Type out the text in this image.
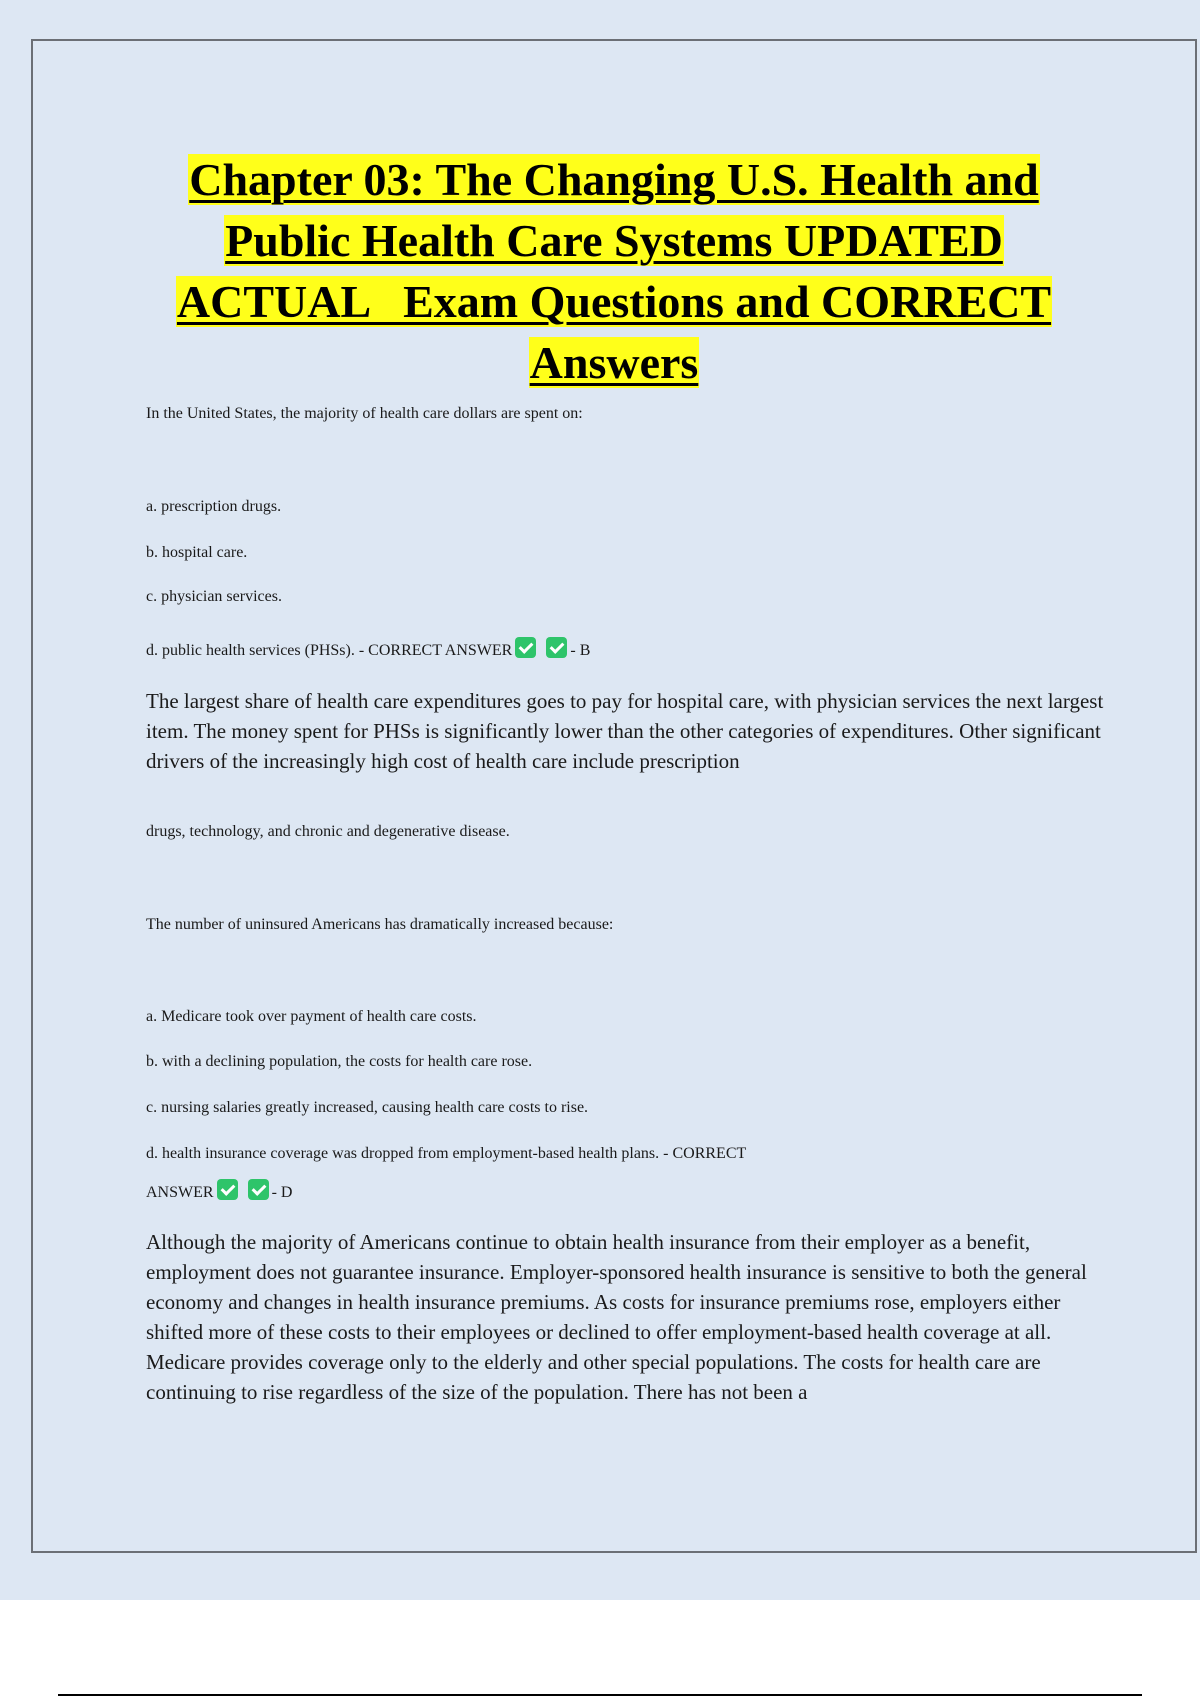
Chapter 03: The Changing U.S. Health and
Public Health Care Systems UPDATED
ACTUAL   Exam Questions and CORRECT
Answers

In the United States, the majority of health care dollars are spent on:

a. prescription drugs.

b. hospital care.

c. physician services.

d. public health services (PHSs). - CORRECT ANSWER	- B

The largest share of health care expenditures goes to pay for hospital care, with physician services the next largest item. The money spent for PHSs is significantly lower than the other categories of expenditures. Other significant drivers of the increasingly high cost of health care include prescription

drugs, technology, and chronic and degenerative disease.

The number of uninsured Americans has dramatically increased because:

a. Medicare took over payment of health care costs.

b. with a declining population, the costs for health care rose.

c. nursing salaries greatly increased, causing health care costs to rise.

d. health insurance coverage was dropped from employment-based health plans. - CORRECT

ANSWER	- D

Although the majority of Americans continue to obtain health insurance from their employer as a benefit, employment does not guarantee insurance. Employer-sponsored health insurance is sensitive to both the general economy and changes in health insurance premiums. As costs for insurance premiums rose, employers either shifted more of these costs to their employees or declined to offer employment-based health coverage at all. Medicare provides coverage only to the elderly and other special populations. The costs for health care are continuing to rise regardless of the size of the population. There has not been a
